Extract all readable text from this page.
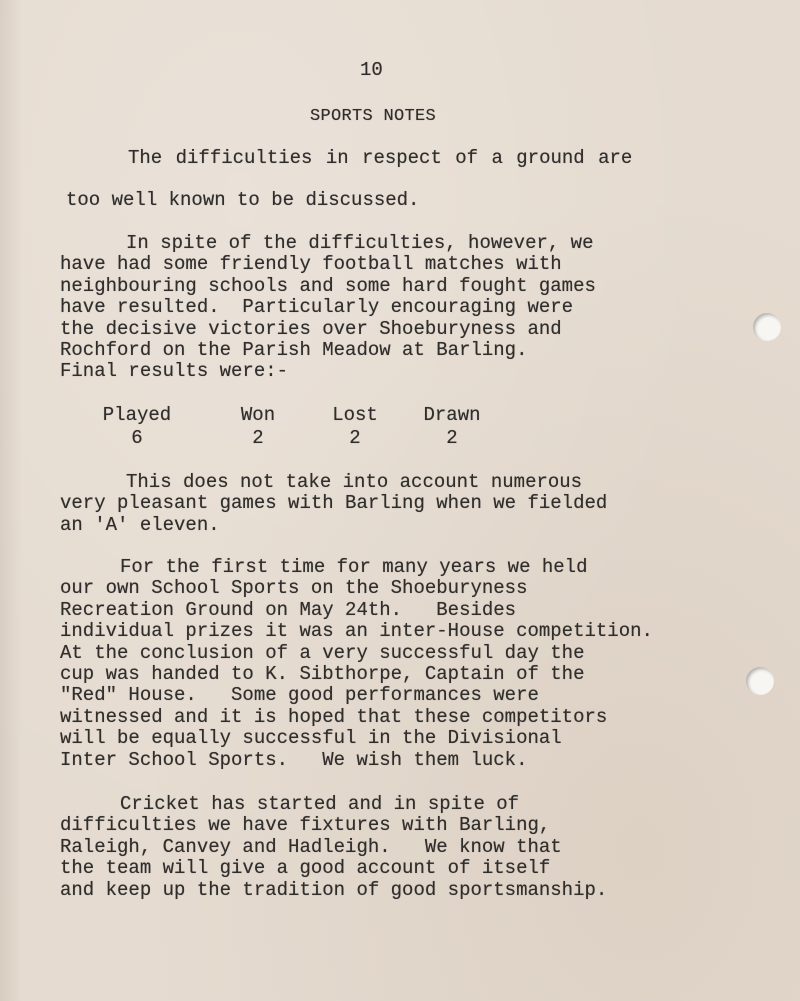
10
SPORTS NOTES
The difficulties in respect of a ground are
too well known to be discussed.
In spite of the difficulties, however, we
have had some friendly football matches with
neighbouring schools and some hard fought games
have resulted.  Particularly encouraging were
the decisive victories over Shoeburyness and
Rochford on the Parish Meadow at Barling.
Final results were:-
Played
6
Won
2
Lost
2
Drawn
2
This does not take into account numerous
very pleasant games with Barling when we fielded
an 'A' eleven.
For the first time for many years we held
our own School Sports on the Shoeburyness
Recreation Ground on May 24th.   Besides
individual prizes it was an inter-House competition.
At the conclusion of a very successful day the
cup was handed to K. Sibthorpe, Captain of the
"Red" House.   Some good performances were
witnessed and it is hoped that these competitors
will be equally successful in the Divisional
Inter School Sports.   We wish them luck.
Cricket has started and in spite of
difficulties we have fixtures with Barling,
Raleigh, Canvey and Hadleigh.   We know that
the team will give a good account of itself
and keep up the tradition of good sportsmanship.
